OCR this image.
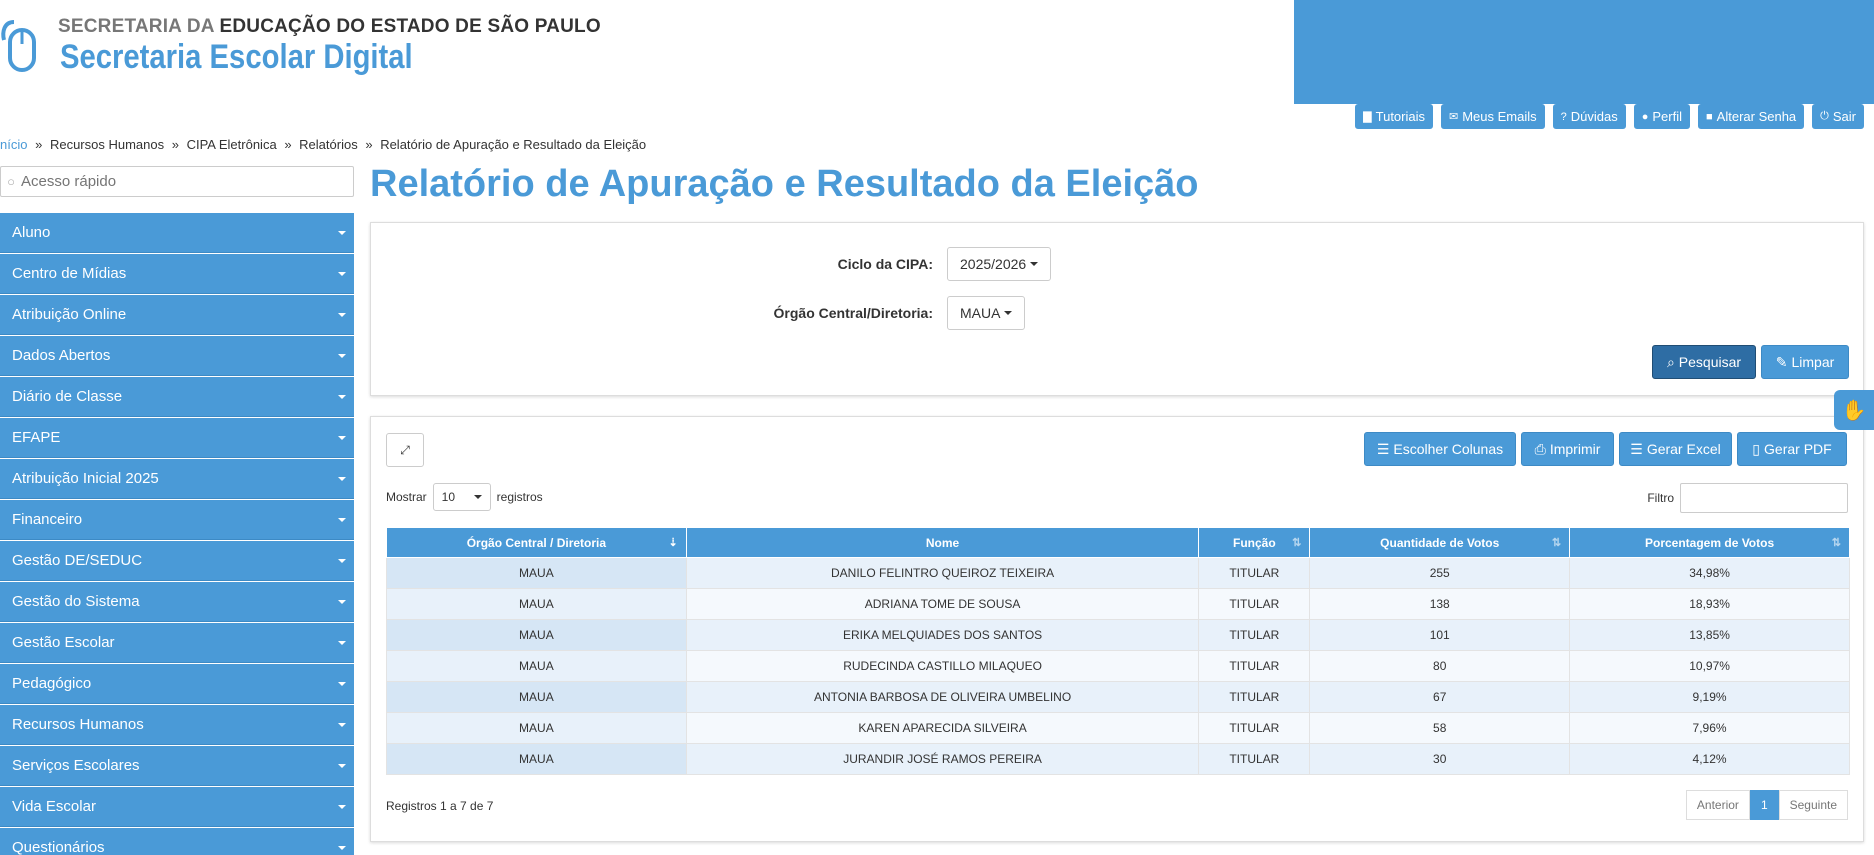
SECRETARIA DA EDUCAÇÃO DO ESTADO DE SÃO PAULO
Secretaria Escolar Digital
▇ Tutoriais ✉ Meus Emails ? Dúvidas ● Perfil ■ Alterar Senha ⏻ Sair
nício » Recursos Humanos » CIPA Eletrônica » Relatórios » Relatório de Apuração e Resultado da Eleição
○
Acesso rápido
Aluno
Centro de Mídias
Atribuição Online
Dados Abertos
Diário de Classe
EFAPE
Atribuição Inicial 2025
Financeiro
Gestão DE/SEDUC
Gestão do Sistema
Gestão Escolar
Pedagógico
Recursos Humanos
Serviços Escolares
Vida Escolar
Questionários
Relatório de Apuração e Resultado da Eleição
Ciclo da CIPA: 2025/2026
Órgão Central/Diretoria: MAUA
⌕ Pesquisar ✎ Limpar
⤢	☰ Escolher Colunas ⎙ Imprimir ☰ Gerar Excel ▯ Gerar PDF
Mostrar 10	registros	Filtro
Órgão Central / Diretoria ⇣	Nome	Função ⇅	Quantidade de Votos ⇅	Porcentagem de Votos ⇅

MAUA	DANILO FELINTRO QUEIROZ TEIXEIRA	TITULAR	255	34,98%
MAUA	ADRIANA TOME DE SOUSA	TITULAR	138	18,93%
MAUA	ERIKA MELQUIADES DOS SANTOS	TITULAR	101	13,85%
MAUA	RUDECINDA CASTILLO MILAQUEO	TITULAR	80	10,97%
MAUA	ANTONIA BARBOSA DE OLIVEIRA UMBELINO	TITULAR	67	9,19%
MAUA	KAREN APARECIDA SILVEIRA	TITULAR	58	7,96%
MAUA	JURANDIR JOSÉ RAMOS PEREIRA	TITULAR	30	4,12%
Registros 1 a 7 de 7	Anterior	1	Seguinte
✋
